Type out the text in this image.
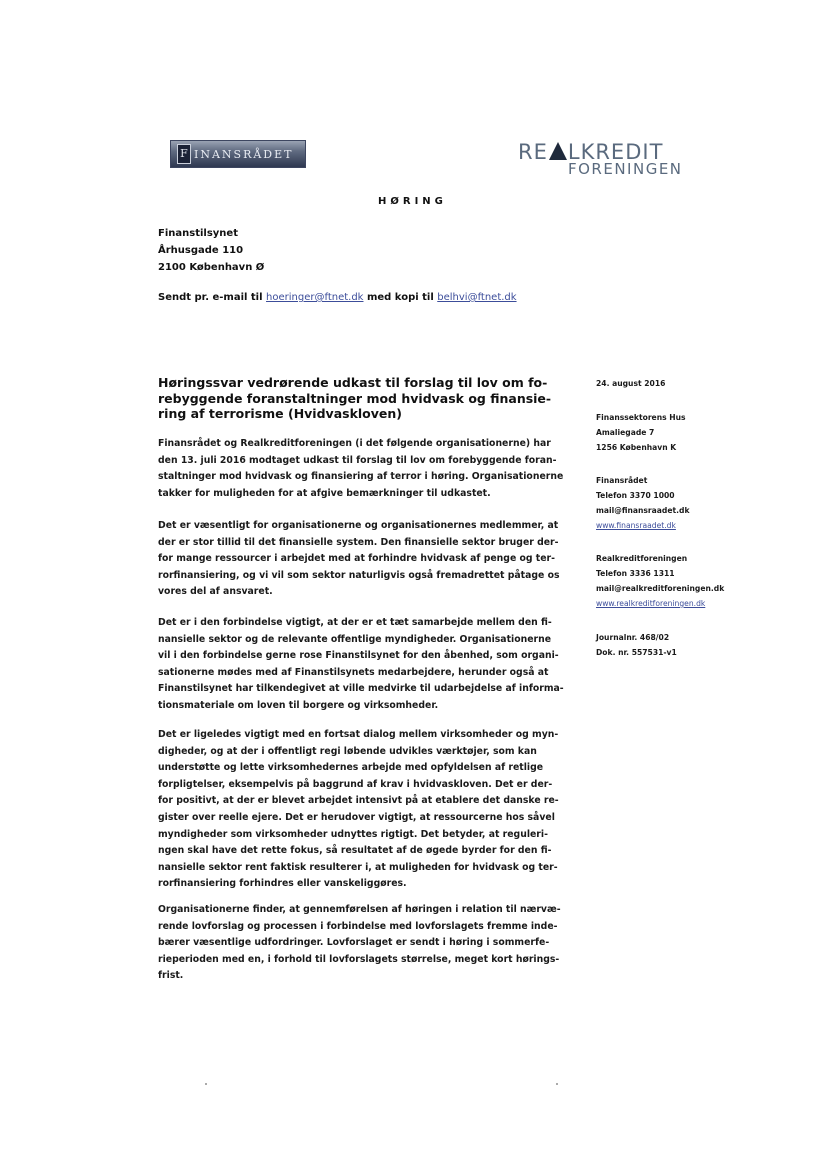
F INANSRÅDET	RE LKREDIT
FORENINGEN
HØRING
Finanstilsynet
Århusgade 110
2100 København Ø
Sendt pr. e-mail til hoeringer@ftnet.dk med kopi til belhvi@ftnet.dk
Høringssvar vedrørende udkast til forslag til lov om fo-
rebyggende foranstaltninger mod hvidvask og finansie-
ring af terrorisme (Hvidvaskloven)
Finansrådet og Realkreditforeningen (i det følgende organisationerne) har
den 13. juli 2016 modtaget udkast til forslag til lov om forebyggende foran-
staltninger mod hvidvask og finansiering af terror i høring. Organisationerne
takker for muligheden for at afgive bemærkninger til udkastet.
Det er væsentligt for organisationerne og organisationernes medlemmer, at
der er stor tillid til det finansielle system. Den finansielle sektor bruger der-
for mange ressourcer i arbejdet med at forhindre hvidvask af penge og ter-
rorfinansiering, og vi vil som sektor naturligvis også fremadrettet påtage os
vores del af ansvaret.
Det er i den forbindelse vigtigt, at der er et tæt samarbejde mellem den fi-
nansielle sektor og de relevante offentlige myndigheder. Organisationerne
vil i den forbindelse gerne rose Finanstilsynet for den åbenhed, som organi-
sationerne mødes med af Finanstilsynets medarbejdere, herunder også at
Finanstilsynet har tilkendegivet at ville medvirke til udarbejdelse af informa-
tionsmateriale om loven til borgere og virksomheder.
Det er ligeledes vigtigt med en fortsat dialog mellem virksomheder og myn-
digheder, og at der i offentligt regi løbende udvikles værktøjer, som kan
understøtte og lette virksomhedernes arbejde med opfyldelsen af retlige
forpligtelser, eksempelvis på baggrund af krav i hvidvaskloven. Det er der-
for positivt, at der er blevet arbejdet intensivt på at etablere det danske re-
gister over reelle ejere. Det er herudover vigtigt, at ressourcerne hos såvel
myndigheder som virksomheder udnyttes rigtigt. Det betyder, at reguleri-
ngen skal have det rette fokus, så resultatet af de øgede byrder for den fi-
nansielle sektor rent faktisk resulterer i, at muligheden for hvidvask og ter-
rorfinansiering forhindres eller vanskeliggøres.
Organisationerne finder, at gennemførelsen af høringen i relation til nærvæ-
rende lovforslag og processen i forbindelse med lovforslagets fremme inde-
bærer væsentlige udfordringer. Lovforslaget er sendt i høring i sommerfe-
rieperioden med en, i forhold til lovforslagets størrelse, meget kort hørings-
frist.
24. august 2016
Finanssektorens Hus
Amaliegade 7
1256 København K
Finansrådet
Telefon 3370 1000
mail@finansraadet.dk
www.finansraadet.dk
Realkreditforeningen
Telefon 3336 1311
mail@realkreditforeningen.dk
www.realkreditforeningen.dk
Journalnr. 468/02
Dok. nr. 557531-v1
